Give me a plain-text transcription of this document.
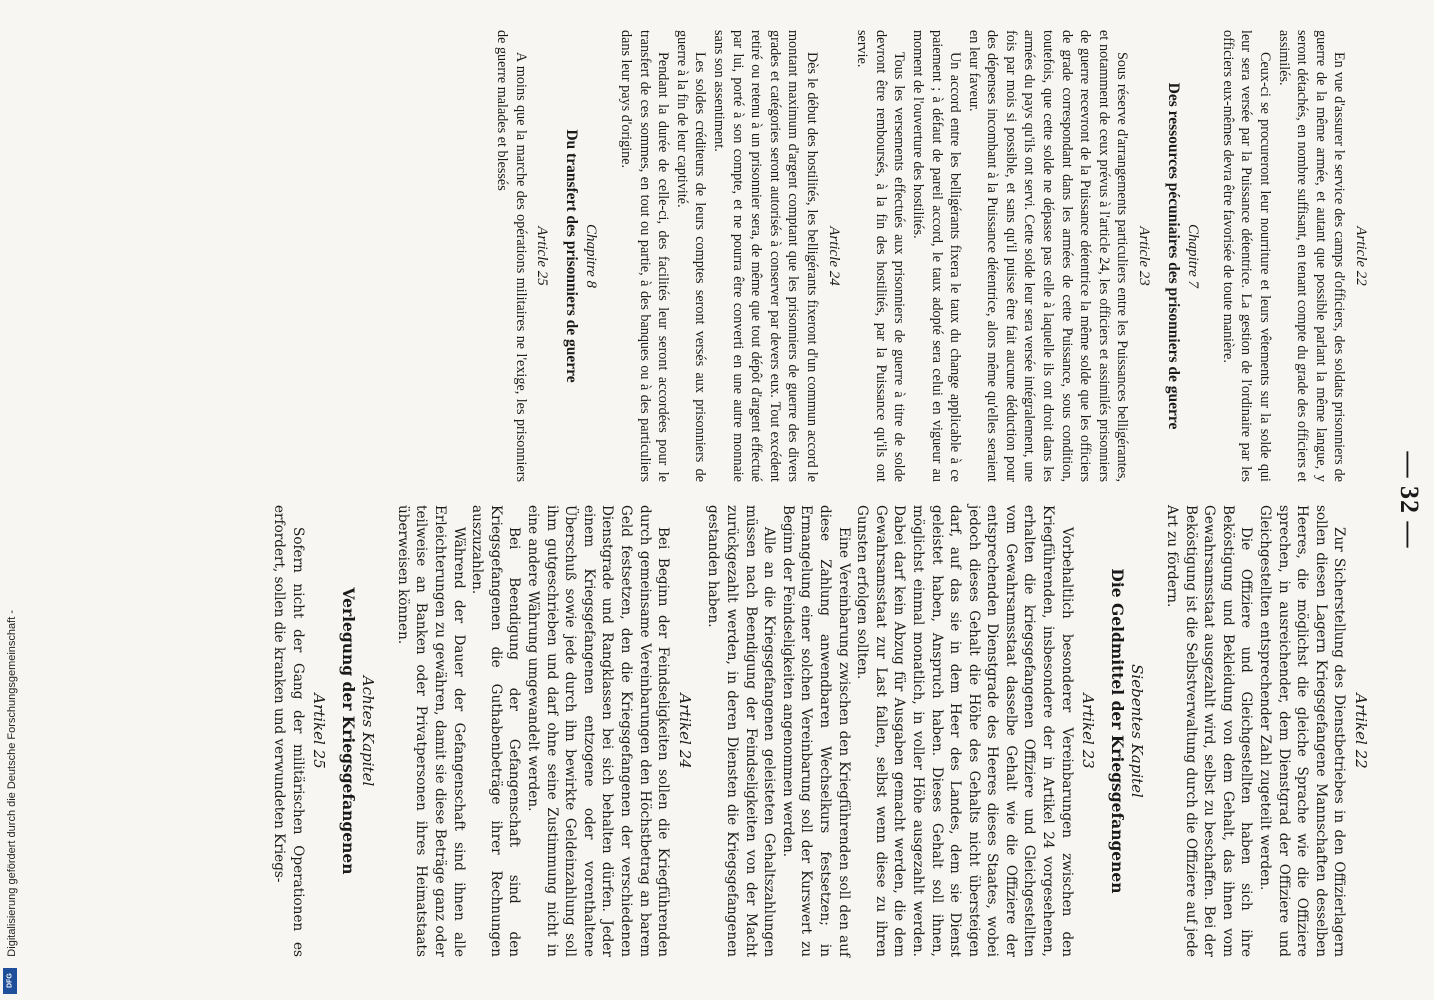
Digitalisierung gefördert durch die Deutsche Forschungsgemeinschaft -
DFG
— 32 —
Article 22

En vue d'assurer le service des camps d'officiers, des soldats prisonniers de guerre de la même armée, et autant que possible parlant la même langue, y seront détachés, en nombre suffisant, en tenant compte du grade des officiers et assimilés.

Ceux-ci se procureront leur nourriture et leurs vêtements sur la solde qui leur sera versée par la Puissance détentrice. La gestion de l'ordinaire par les officiers eux-mêmes devra être favorisée de toute manière.

Chapitre 7
Des ressources pécuniaires des prisonniers de guerre
Article 23

Sous réserve d'arrangements particuliers entre les Puissances belligérantes, et notamment de ceux prévus à l'article 24, les officiers et assimilés prisonniers de guerre recevront de la Puissance détentrice la même solde que les officiers de grade correspondant dans les armées de cette Puissance, sous condition, toutefois, que cette solde ne dépasse pas celle à laquelle ils ont droit dans les armées du pays qu'ils ont servi. Cette solde leur sera versée intégralement, une fois par mois si possible, et sans qu'il puisse être fait aucune déduction pour des dépenses incombant à la Puissance détentrice, alors même qu'elles seraient en leur faveur.

Un accord entre les belligérants fixera le taux du change applicable à ce paiement ; à défaut de pareil accord, le taux adopté sera celui en vigueur au moment de l'ouverture des hostilités.

Tous les versements effectués aux prisonniers de guerre à titre de solde devront être remboursés, à la fin des hostilités, par la Puissance qu'ils ont servie.

Article 24

Dès le début des hostilités, les belligérants fixeront d'un commun accord le montant maximum d'argent comptant que les prisonniers de guerre des divers grades et catégories seront autorisés à conserver par devers eux. Tout excédent retiré ou retenu à un prisonnier sera, de même que tout dépôt d'argent effectué par lui, porté à son compte, et ne pourra être converti en une autre monnaie sans son assentiment.

Les soldes créditeurs de leurs comptes seront versés aux prisonniers de guerre à la fin de leur captivité.

Pendant la durée de celle-ci, des facilités leur seront accordées pour le transfert de ces sommes, en tout ou partie, à des banques ou à des particuliers dans leur pays d'origine.

Chapitre 8
Du transfert des prisonniers de guerre
Article 25

A moins que la marche des opérations militaires ne l'exige, les prisonniers de guerre malades et blessés

Artikel 22

Zur Sicherstellung des Dienstbetriebes in den Offizierlagern sollen diesen Lagern Kriegsgefangene Mannschaften desselben Heeres, die möglichst die gleiche Sprache wie die Offiziere sprechen, in ausreichender, dem Dienstgrad der Offiziere und Gleichgestellten entsprechender Zahl zugeteilt werden.

Die Offiziere und Gleichgestellten haben sich ihre Beköstigung und Bekleidung von dem Gehalt, das ihnen vom Gewahrsamsstaat ausgezahlt wird, selbst zu beschaffen. Bei der Beköstigung ist die Selbstverwaltung durch die Offiziere auf jede Art zu fördern.

Siebentes Kapitel
Die Geldmittel der Kriegsgefangenen
Artikel 23

Vorbehaltlich besonderer Vereinbarungen zwischen den Kriegführenden, insbesondere der in Artikel 24 vorgesehenen, erhalten die kriegsgefangenen Offiziere und Gleichgestellten vom Gewahrsamsstaat dasselbe Gehalt wie die Offiziere der entsprechenden Dienstgrade des Heeres dieses Staates, wobei jedoch dieses Gehalt die Höhe des Gehalts nicht übersteigen darf, auf das sie in dem Heer des Landes, dem sie Dienst geleistet haben, Anspruch haben. Dieses Gehalt soll ihnen, möglichst einmal monatlich, in voller Höhe ausgezahlt werden. Dabei darf kein Abzug für Ausgaben gemacht werden, die dem Gewahrsamsstaat zur Last fallen, selbst wenn diese zu ihren Gunsten erfolgen sollten.

Eine Vereinbarung zwischen den Kriegführenden soll den auf diese Zahlung anwendbaren Wechselkurs festsetzen; in Ermangelung einer solchen Vereinbarung soll der Kurswert zu Beginn der Feindseligkeiten angenommen werden.

Alle an die Kriegsgefangenen geleisteten Gehaltszahlungen müssen nach Beendigung der Feindseligkeiten von der Macht zurückgezahlt werden, in deren Diensten die Kriegsgefangenen gestanden haben.

Artikel 24

Bei Beginn der Feindseligkeiten sollen die Kriegführenden durch gemeinsame Vereinbarungen den Höchstbetrag an barem Geld festsetzen, den die Kriegsgefangenen der verschiedenen Dienstgrade und Rangklassen bei sich behalten dürfen. Jeder einem Kriegsgefangenen entzogene oder vorenthaltene Überschuß sowie jede durch ihn bewirkte Geldeinzahlung soll ihm gutgeschrieben und darf ohne seine Zustimmung nicht in eine andere Währung umgewandelt werden.

Bei Beendigung der Gefangenschaft sind den Kriegsgefangenen die Guthabenbeträge ihrer Rechnungen auszuzahlen.

Während der Dauer der Gefangenschaft sind ihnen alle Erleichterungen zu gewähren, damit sie diese Beträge ganz oder teilweise an Banken oder Privatpersonen ihres Heimatstaats überweisen können.

Achtes Kapitel
Verlegung der Kriegsgefangenen
Artikel 25

Sofern nicht der Gang der militärischen Operationen es erfordert, sollen die kranken und verwundeten Kriegs-
